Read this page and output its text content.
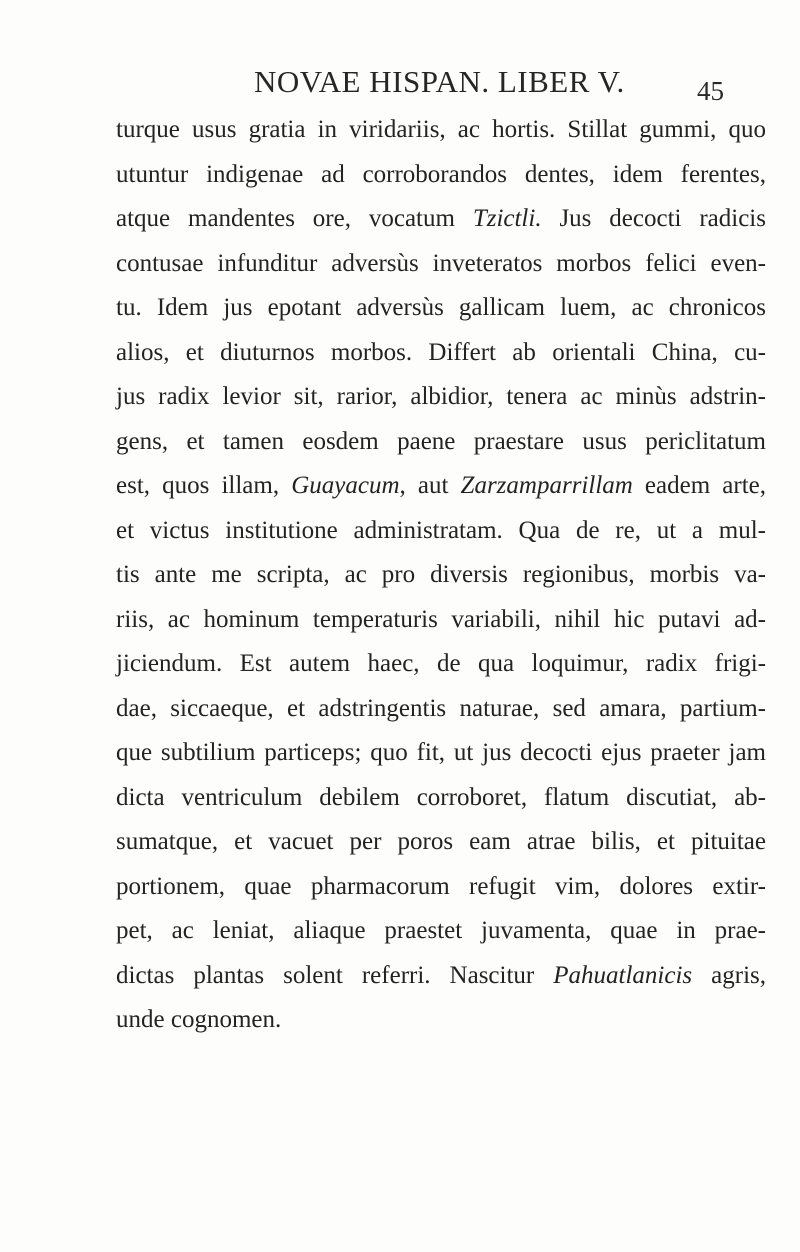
NOVAE HISPAN. LIBER V.	45
turque usus gratia in viridariis, ac hortis. Stillat gummi, quo
utuntur indigenae ad corroborandos dentes, idem ferentes,
atque mandentes ore, vocatum Tzictli. Jus decocti radicis
contusae infunditur adversùs inveteratos morbos felici even-
tu. Idem jus epotant adversùs gallicam luem, ac chronicos
alios, et diuturnos morbos. Differt ab orientali China, cu-
jus radix levior sit, rarior, albidior, tenera ac minùs adstrin-
gens, et tamen eosdem paene praestare usus periclitatum
est, quos illam, Guayacum, aut Zarzamparrillam eadem arte,
et victus institutione administratam. Qua de re, ut a mul-
tis ante me scripta, ac pro diversis regionibus, morbis va-
riis, ac hominum temperaturis variabili, nihil hic putavi ad-
jiciendum. Est autem haec, de qua loquimur, radix frigi-
dae, siccaeque, et adstringentis naturae, sed amara, partium-
que subtilium particeps; quo fit, ut jus decocti ejus praeter jam
dicta ventriculum debilem corroboret, flatum discutiat, ab-
sumatque, et vacuet per poros eam atrae bilis, et pituitae
portionem, quae pharmacorum refugit vim, dolores extir-
pet, ac leniat, aliaque praestet juvamenta, quae in prae-
dictas plantas solent referri. Nascitur Pahuatlanicis agris,
unde cognomen.
